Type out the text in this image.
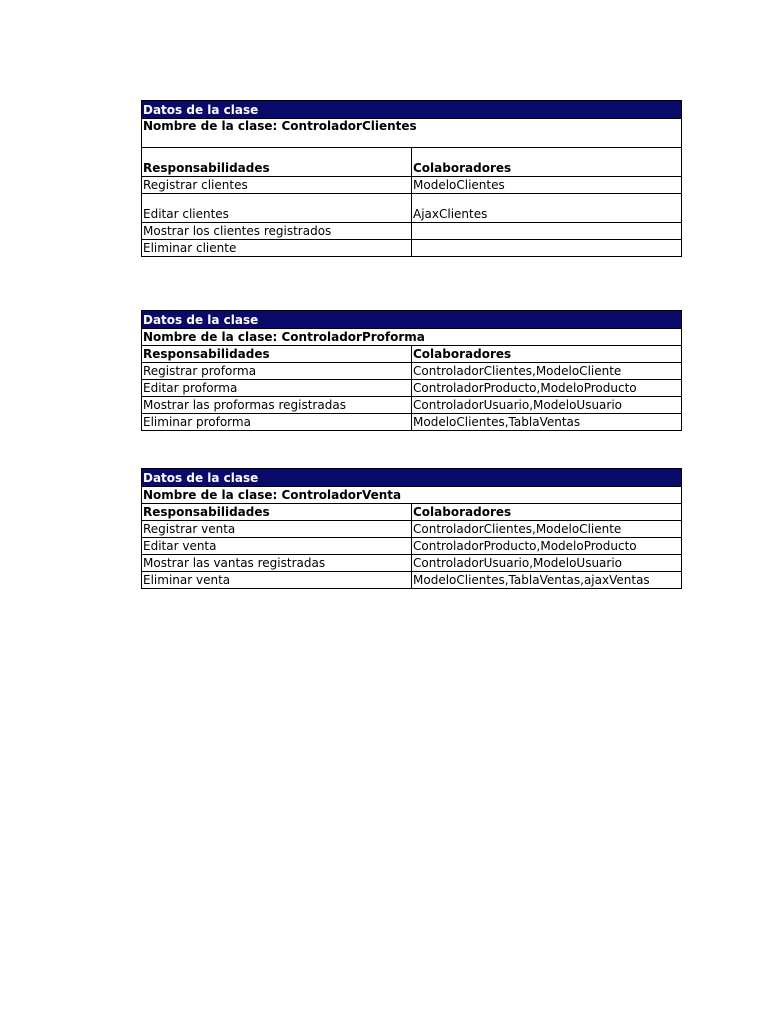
Datos de la clase	
Nombre de la clase: ControladorClientes	
Responsabilidades	Colaboradores
Registrar clientes	ModeloClientes
Editar clientes	AjaxClientes
Mostrar los clientes registrados	
Eliminar cliente	
Datos de la clase	
Nombre de la clase: ControladorProforma	
Responsabilidades	Colaboradores
Registrar proforma	ControladorClientes,ModeloCliente
Editar proforma	ControladorProducto,ModeloProducto
Mostrar las proformas registradas	ControladorUsuario,ModeloUsuario
Eliminar proforma	ModeloClientes,TablaVentas
Datos de la clase	
Nombre de la clase: ControladorVenta	
Responsabilidades	Colaboradores
Registrar venta	ControladorClientes,ModeloCliente
Editar venta	ControladorProducto,ModeloProducto
Mostrar las vantas registradas	ControladorUsuario,ModeloUsuario
Eliminar venta	ModeloClientes,TablaVentas,ajaxVentas
